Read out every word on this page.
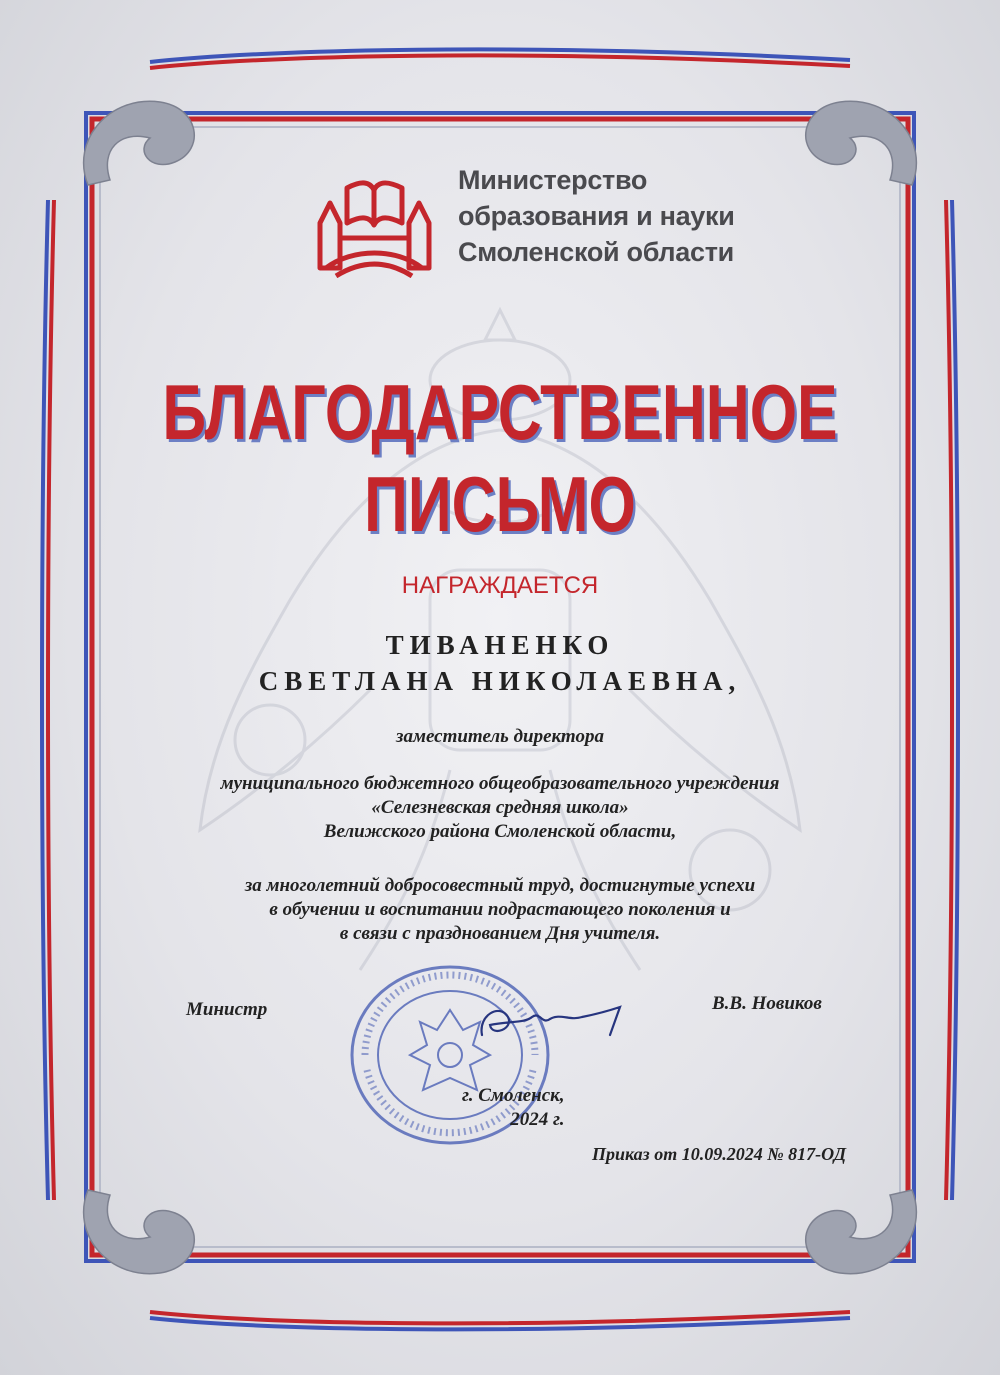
Министерство
образования и науки
Смоленской области
БЛАГОДАРСТВЕННОЕ
ПИСЬМО
НАГРАЖДАЕТСЯ
ТИВАНЕНКО
СВЕТЛАНА НИКОЛАЕВНА,
заместитель директора
муниципального бюджетного общеобразовательного учреждения
«Селезневская средняя школа»
Велижского района Смоленской области,
за многолетний добросовестный труд, достигнутые успехи
в обучении и воспитании подрастающего поколения и
в связи с празднованием Дня учителя.
Министр	В.В. Новиков
г. Смоленск,
2024 г.
Приказ от 10.09.2024 № 817-ОД
